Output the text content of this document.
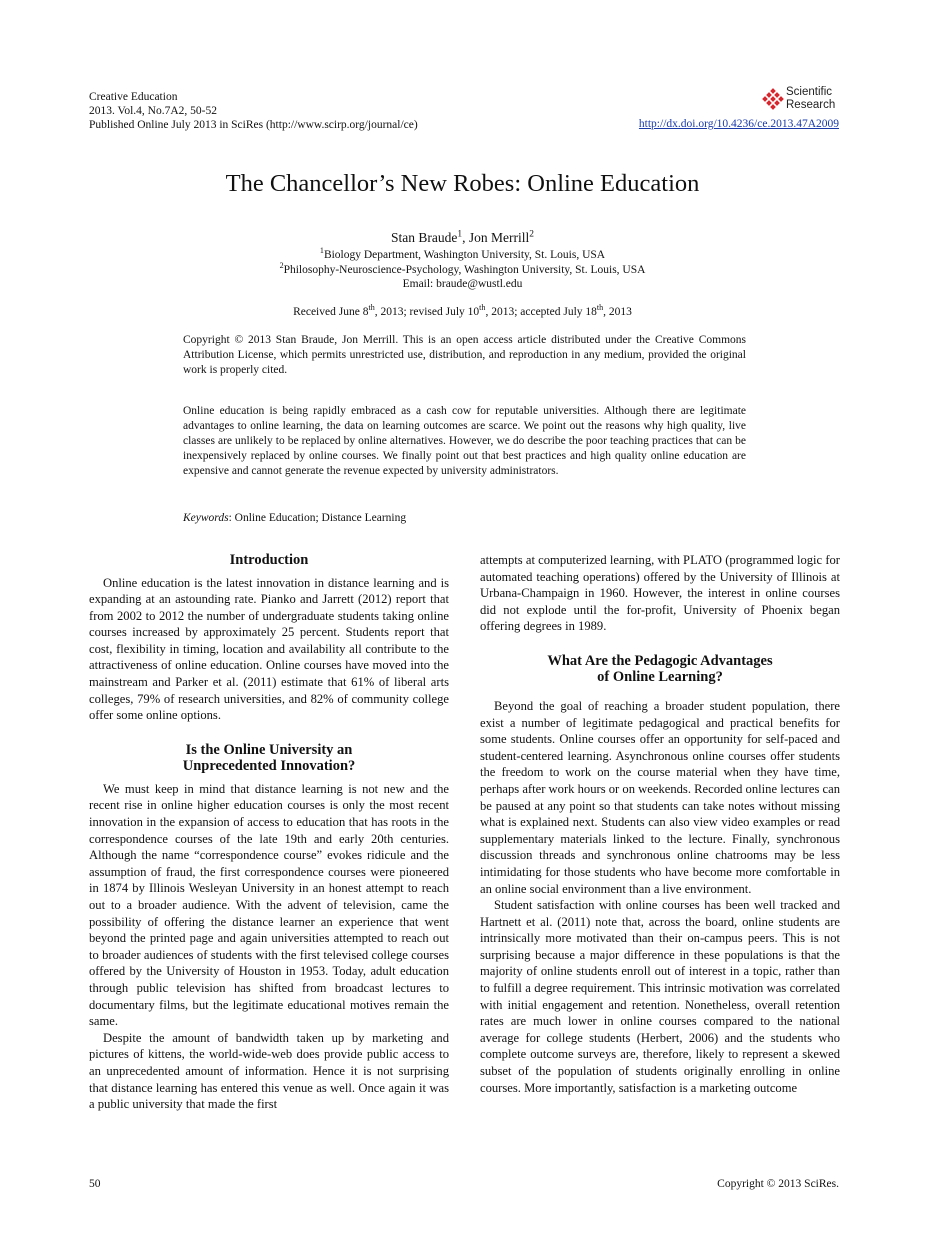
Creative Education
2013. Vol.4, No.7A2, 50-52
Published Online July 2013 in SciRes (http://www.scirp.org/journal/ce)	http://dx.doi.org/10.4236/ce.2013.47A2009
Scientific
Research
The Chancellor’s New Robes: Online Education
Stan Braude$^1$, Jon Merrill$^2$
$^1$Biology Department, Washington University, St. Louis, USA
$^2$Philosophy-Neuroscience-Psychology, Washington University, St. Louis, USA
Email: braude@wustl.edu
Received June 8th, 2013; revised July 10th, 2013; accepted July 18th, 2013
Copyright © 2013 Stan Braude, Jon Merrill. This is an open access article distributed under the Creative Commons Attribution License, which permits unrestricted use, distribution, and reproduction in any medium, provided the original work is properly cited.
Online education is being rapidly embraced as a cash cow for reputable universities. Although there are legitimate advantages to online learning, the data on learning outcomes are scarce. We point out the reasons why high quality, live classes are unlikely to be replaced by online alternatives. However, we do describe the poor teaching practices that can be inexpensively replaced by online courses. We finally point out that best practices and high quality online education are expensive and cannot generate the revenue expected by university administrators.
Keywords: Online Education; Distance Learning
Introduction

Online education is the latest innovation in distance learning and is expanding at an astounding rate. Pianko and Jarrett (2012) report that from 2002 to 2012 the number of undergraduate students taking online courses increased by approximately 25 percent. Students report that cost, flexibility in timing, location and availability all contribute to the attractiveness of online education. Online courses have moved into the mainstream and Parker et al. (2011) estimate that 61% of liberal arts colleges, 79% of research universities, and 82% of community college offer some online options.

Is the Online University an
Unprecedented Innovation?

We must keep in mind that distance learning is not new and the recent rise in online higher education courses is only the most recent innovation in the expansion of access to education that has roots in the correspondence courses of the late 19th and early 20th centuries. Although the name “correspondence course” evokes ridicule and the assumption of fraud, the first correspondence courses were pioneered in 1874 by Illinois Wesleyan University in an honest attempt to reach out to a broader audience. With the advent of television, came the possibility of offering the distance learner an experience that went beyond the printed page and again universities attempted to reach out to broader audiences of students with the first televised college courses offered by the University of Houston in 1953. Today, adult education through public television has shifted from broadcast lectures to documentary films, but the legitimate educational motives remain the same.

Despite the amount of bandwidth taken up by marketing and pictures of kittens, the world-wide-web does provide public access to an unprecedented amount of information. Hence it is not surprising that distance learning has entered this venue as well. Once again it was a public university that made the first

attempts at computerized learning, with PLATO (programmed logic for automated teaching operations) offered by the University of Illinois at Urbana-Champaign in 1960. However, the interest in online courses did not explode until the for-profit, University of Phoenix began offering degrees in 1989.

What Are the Pedagogic Advantages
of Online Learning?

Beyond the goal of reaching a broader student population, there exist a number of legitimate pedagogical and practical benefits for some students. Online courses offer an opportunity for self-paced and student-centered learning. Asynchronous online courses offer students the freedom to work on the course material when they have time, perhaps after work hours or on weekends. Recorded online lectures can be paused at any point so that students can take notes without missing what is explained next. Students can also view video examples or read supplementary materials linked to the lecture. Finally, synchronous discussion threads and synchronous online chatrooms may be less intimidating for those students who have become more comfortable in an online social environment than a live environment.

Student satisfaction with online courses has been well tracked and Hartnett et al. (2011) note that, across the board, online students are intrinsically more motivated than their on-campus peers. This is not surprising because a major difference in these populations is that the majority of online students enroll out of interest in a topic, rather than to fulfill a degree requirement. This intrinsic motivation was correlated with initial engagement and retention. Nonetheless, overall retention rates are much lower in online courses compared to the national average for college students (Herbert, 2006) and the students who complete outcome surveys are, therefore, likely to represent a skewed subset of the population of students originally enrolling in online courses. More importantly, satisfaction is a marketing outcome

50	Copyright © 2013 SciRes.
